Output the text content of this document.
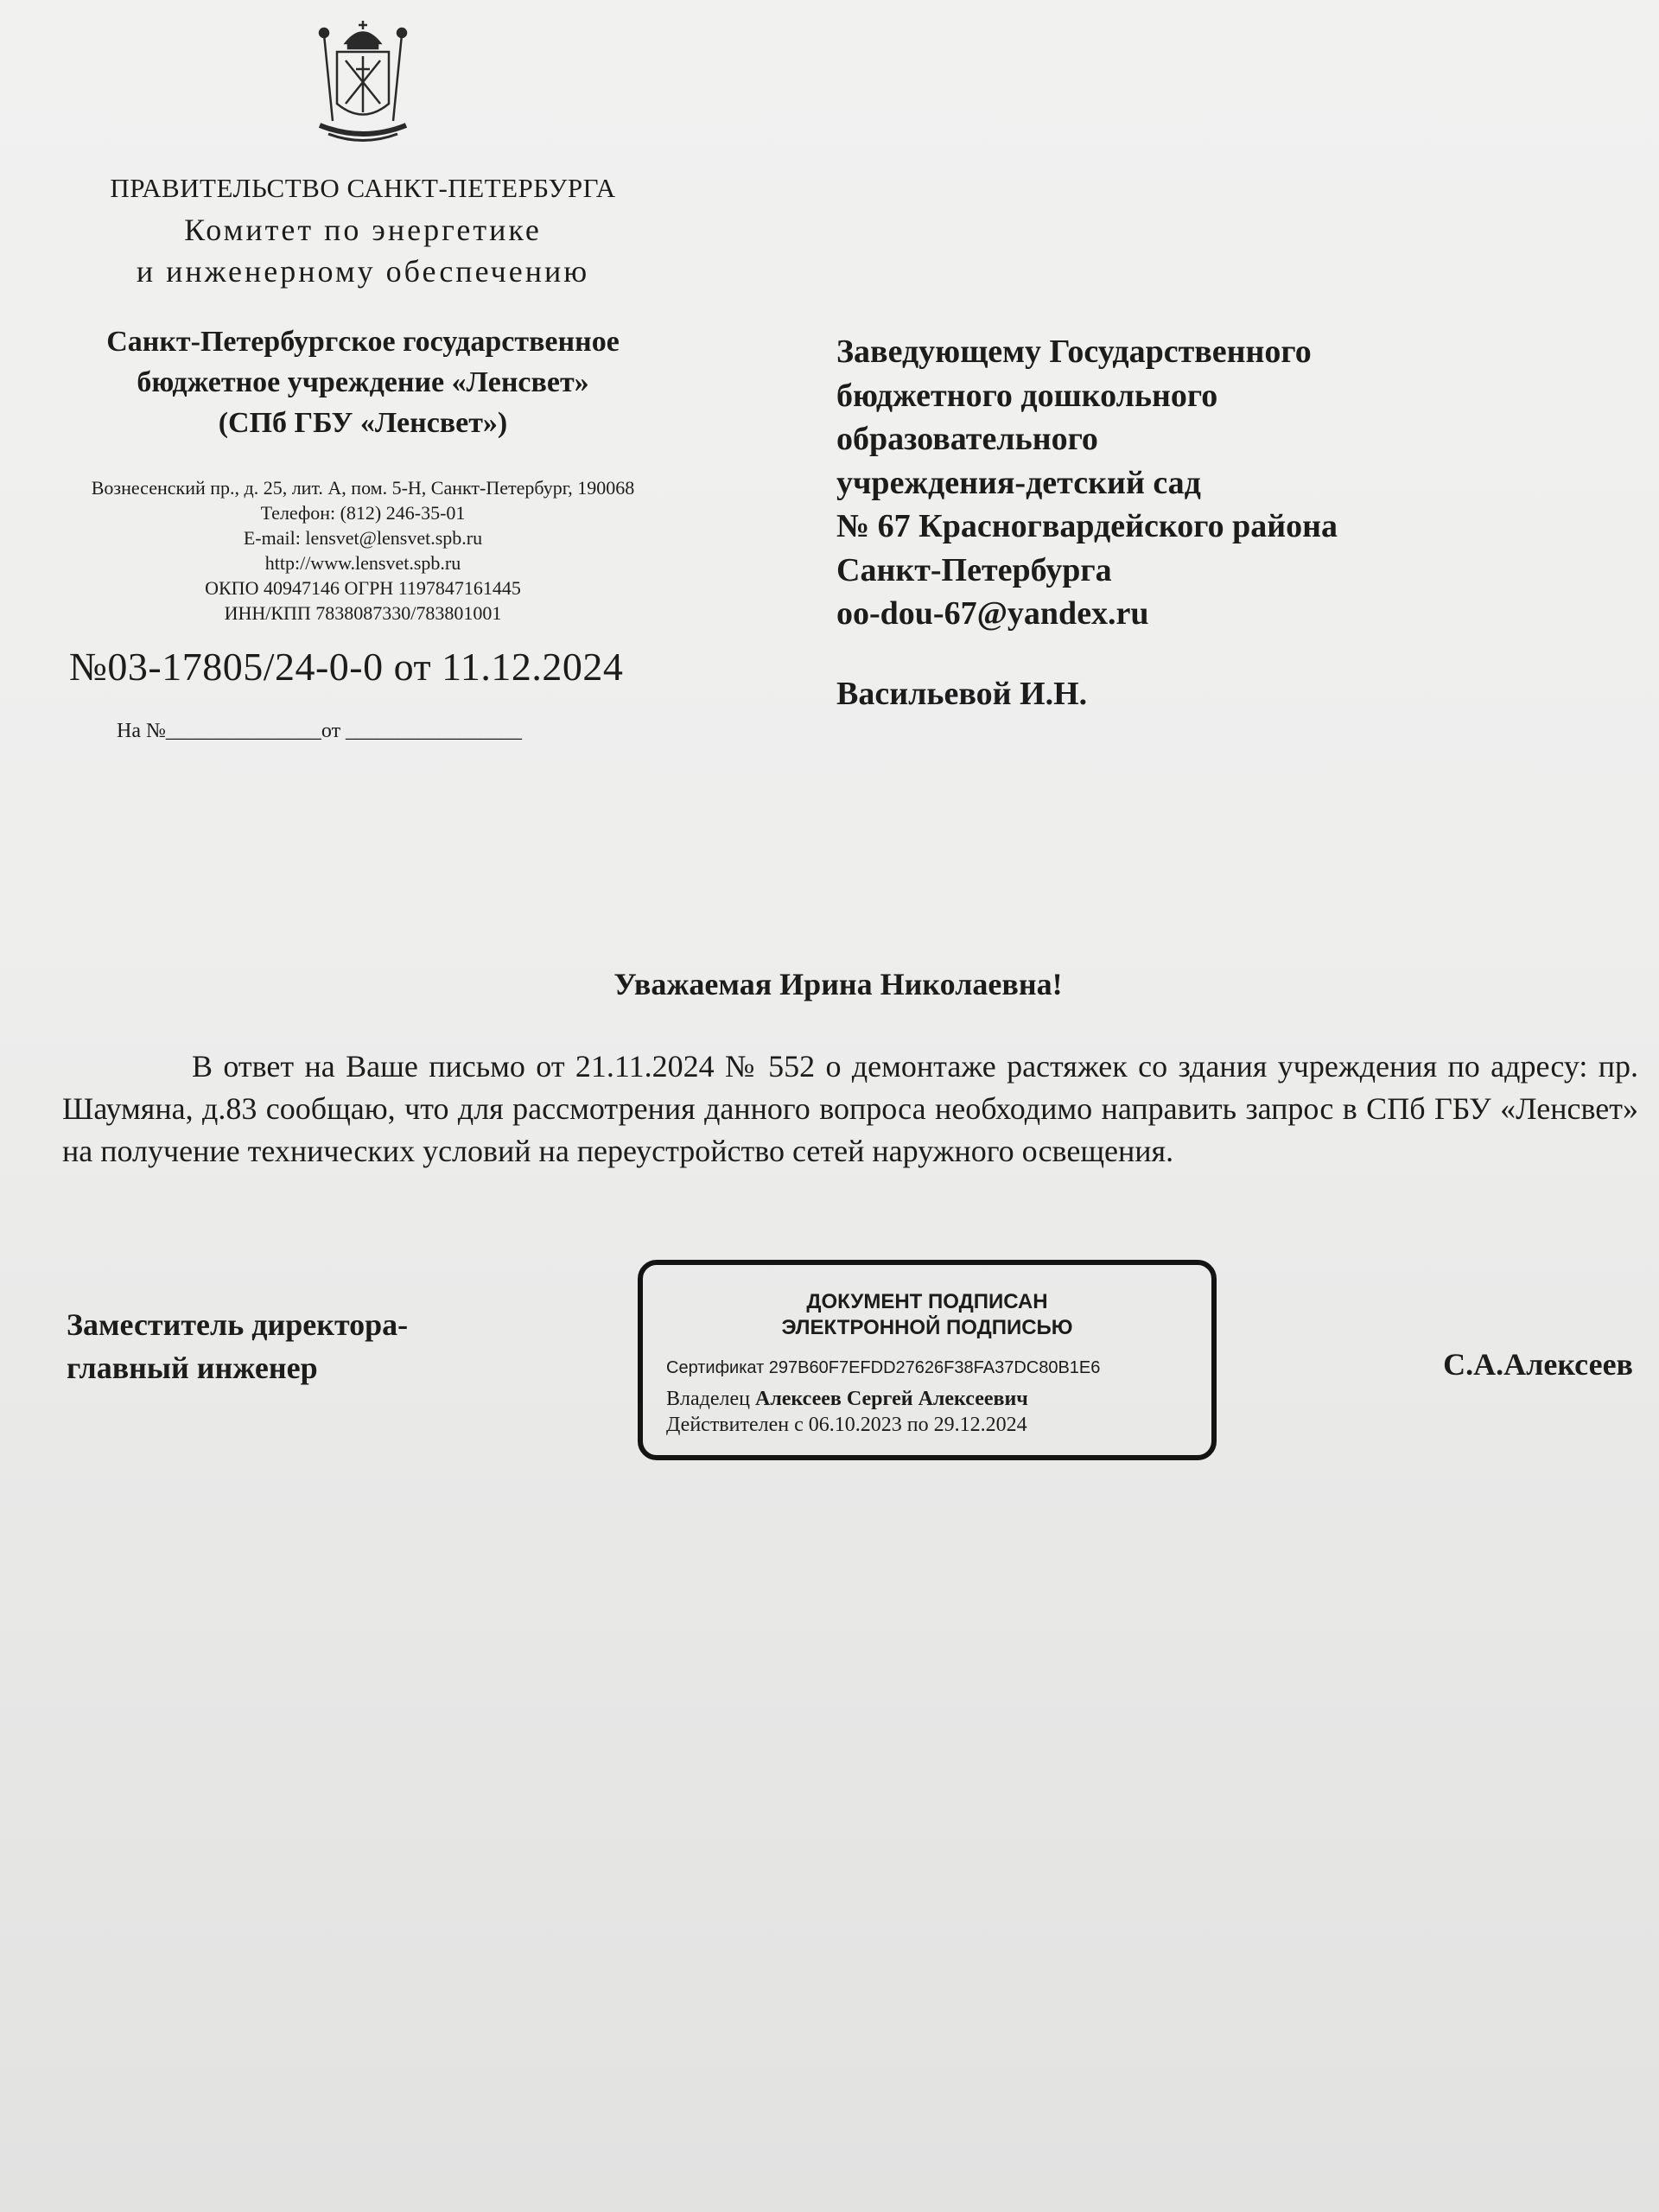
ПРАВИТЕЛЬСТВО САНКТ-ПЕТЕРБУРГА
Комитет по энергетике
и инженерному обеспечению
Санкт-Петербургское государственное
бюджетное учреждение «Ленсвет»
(СПб ГБУ «Ленсвет»)
Вознесенский пр., д. 25, лит. А, пом. 5-Н, Санкт-Петербург, 190068
Телефон: (812) 246-35-01
E-mail: lensvet@lensvet.spb.ru
http://www.lensvet.spb.ru
ОКПО 40947146 ОГРН 1197847161445
ИНН/КПП 7838087330/783801001
№03-17805/24-0-0 от 11.12.2024
На №_______________от _________________
Заведующему Государственного
бюджетного дошкольного
образовательного
учреждения-детский сад
№ 67 Красногвардейского района
Санкт-Петербурга
oo-dou-67@yandex.ru
Васильевой И.Н.
Уважаемая Ирина Николаевна!
В ответ на Ваше письмо от 21.11.2024 № 552 о демонтаже растяжек со здания учреждения по адресу: пр. Шаумяна, д.83 сообщаю, что для рассмотрения данного вопроса необходимо направить запрос в СПб ГБУ «Ленсвет» на получение технических условий на переустройство сетей наружного освещения.
Заместитель директора-
главный инженер
ДОКУМЕНТ ПОДПИСАН
ЭЛЕКТРОННОЙ ПОДПИСЬЮ
Сертификат 297B60F7EFDD27626F38FA37DC80B1E6
Владелец Алексеев Сергей Алексеевич
Действителен с 06.10.2023 по 29.12.2024
С.А.Алексеев
